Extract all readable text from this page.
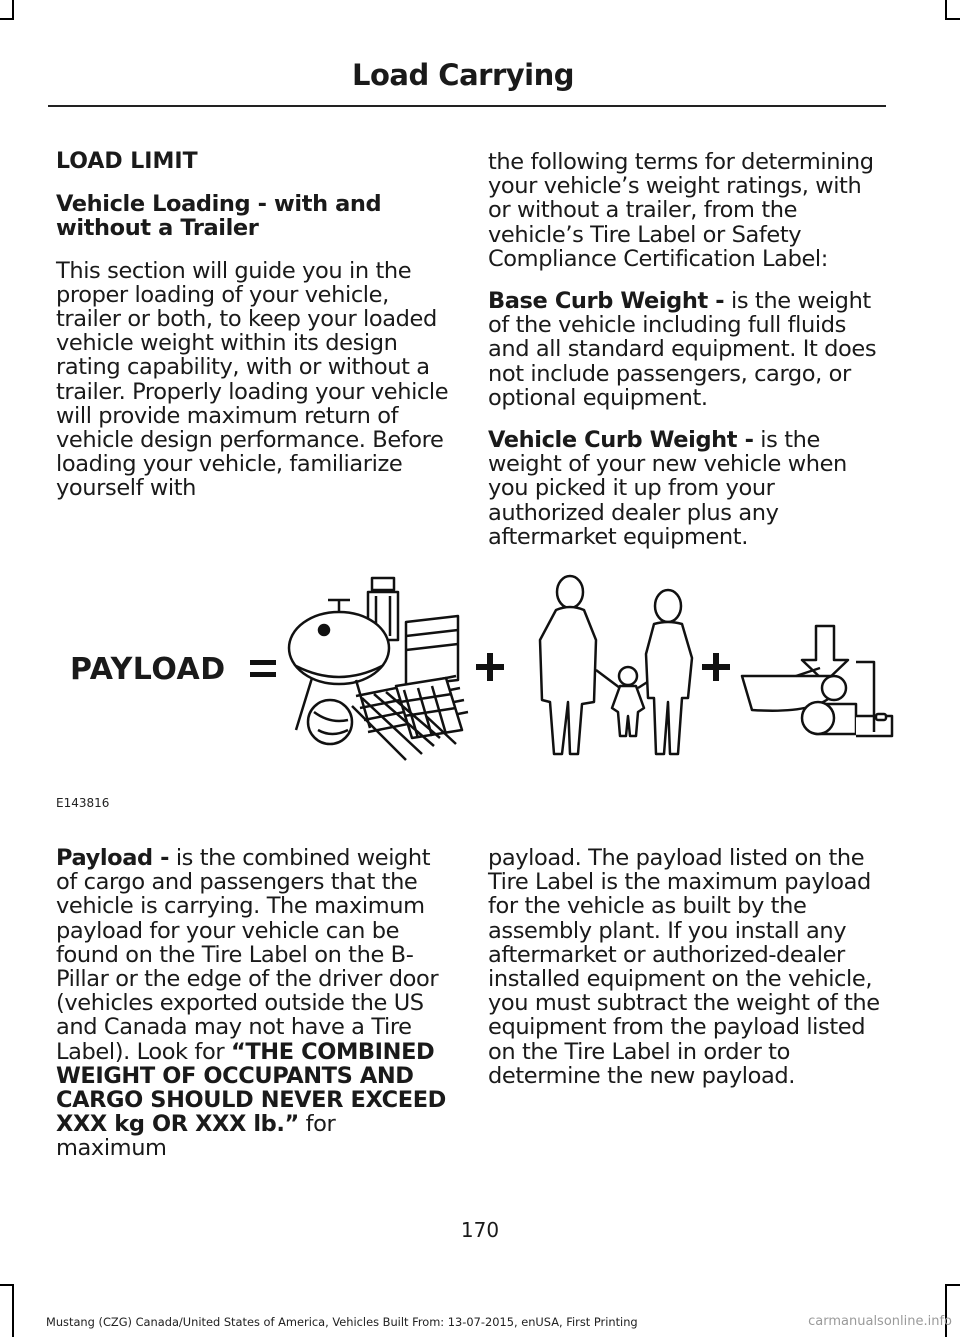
Load Carrying

LOAD LIMIT

Vehicle Loading - with and without a Trailer

This section will guide you in the proper loading of your vehicle, trailer or both, to keep your loaded vehicle weight within its design rating capability, with or without a trailer. Properly loading your vehicle will provide maximum return of vehicle design performance. Before loading your vehicle, familiarize yourself with

the following terms for determining your vehicle’s weight ratings, with or without a trailer, from the vehicle’s Tire Label or Safety Compliance Certification Label:

Base Curb Weight - is the weight of the vehicle including full fluids and all standard equipment. It does not include passengers, cargo, or optional equipment.

Vehicle Curb Weight - is the weight of your new vehicle when you picked it up from your authorized dealer plus any aftermarket equipment.

PAYLOAD
E143816

Payload - is the combined weight of cargo and passengers that the vehicle is carrying. The maximum payload for your vehicle can be found on the Tire Label on the B-Pillar or the edge of the driver door (vehicles exported outside the US and Canada may not have a Tire Label). Look for “THE COMBINED WEIGHT OF OCCUPANTS AND CARGO SHOULD NEVER EXCEED XXX kg OR XXX lb.” for maximum

payload. The payload listed on the Tire Label is the maximum payload for the vehicle as built by the assembly plant. If you install any aftermarket or authorized-dealer installed equipment on the vehicle, you must subtract the weight of the equipment from the payload listed on the Tire Label in order to determine the new payload.

170
Mustang (CZG) Canada/United States of America, Vehicles Built From: 13-07-2015, enUSA, First Printing	carmanualsonline.info
